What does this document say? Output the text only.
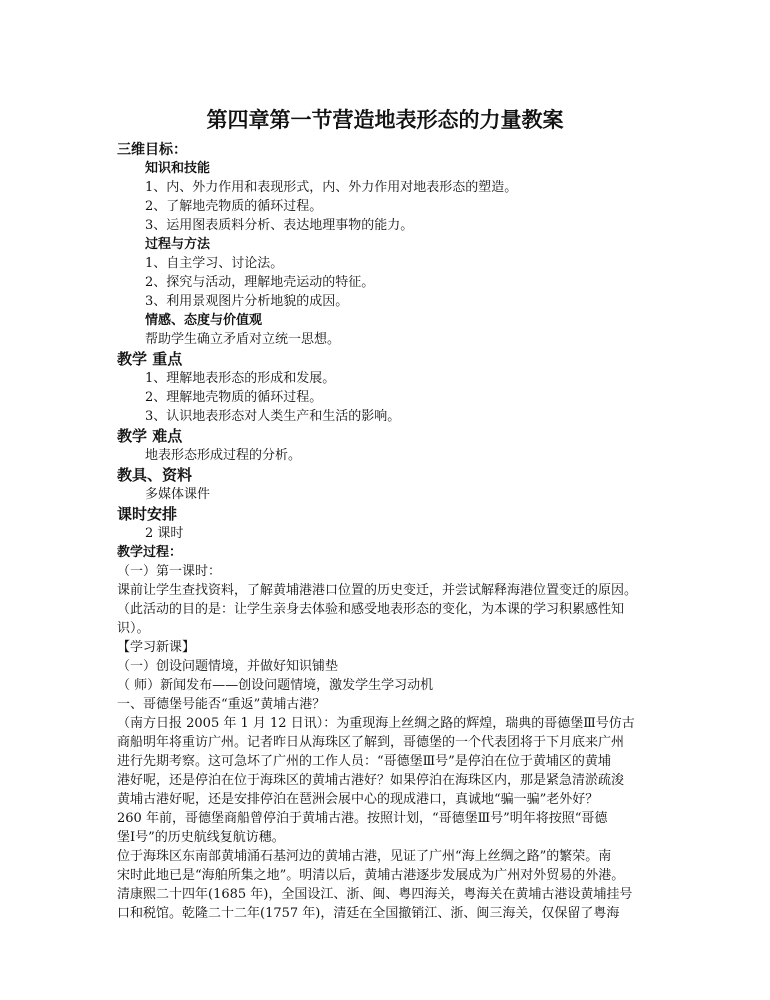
第四章第一节营造地表形态的力量教案
三维目标：
知识和技能
1、内、外力作用和表现形式，内、外力作用对地表形态的塑造。
2、了解地壳物质的循环过程。
3、运用图表质料分析、表达地理事物的能力。
过程与方法
1、自主学习、讨论法。
2、探究与活动，理解地壳运动的特征。
3、利用景观图片分析地貌的成因。
情感、态度与价值观
帮助学生确立矛盾对立统一思想。
教学 重点
1、理解地表形态的形成和发展。
2、理解地壳物质的循环过程。
3、认识地表形态对人类生产和生活的影响。
教学 难点
地表形态形成过程的分析。
教具、资料
多媒体课件
课时安排
2 课时
教学过程：
（一）第一课时：
课前让学生查找资料，了解黄埔港港口位置的历史变迁，并尝试解释海港位置变迁的原因。
（此活动的目的是：让学生亲身去体验和感受地表形态的变化，为本课的学习积累感性知
识）。
【学习新课】
（一）创设问题情境，并做好知识铺垫
（ 师）新闻发布——创设问题情境，激发学生学习动机
一、哥德堡号能否“重返”黄埔古港？
（南方日报 2005 年 1 月 12 日讯）：为重现海上丝绸之路的辉煌，瑞典的哥德堡Ⅲ号仿古
商船明年将重访广州。记者昨日从海珠区了解到，哥德堡的一个代表团将于下月底来广州
进行先期考察。这可急坏了广州的工作人员：“哥德堡Ⅲ号”是停泊在位于黄埔区的黄埔
港好呢，还是停泊在位于海珠区的黄埔古港好？如果停泊在海珠区内，那是紧急清淤疏浚
黄埔古港好呢，还是安排停泊在琶洲会展中心的现成港口，真诚地“骗一骗”老外好？
260 年前，哥德堡商船曾停泊于黄埔古港。按照计划，“哥德堡Ⅲ号”明年将按照“哥德
堡Ⅰ号”的历史航线复航访穗。
位于海珠区东南部黄埔涌石基河边的黄埔古港，见证了广州“海上丝绸之路”的繁荣。南
宋时此地已是“海舶所集之地”。明清以后，黄埔古港逐步发展成为广州对外贸易的外港。
清康熙二十四年(1685 年)，全国设江、浙、闽、粤四海关，粤海关在黄埔古港设黄埔挂号
口和税馆。乾隆二十二年(1757 年)，清廷在全国撤销江、浙、闽三海关，仅保留了粤海
